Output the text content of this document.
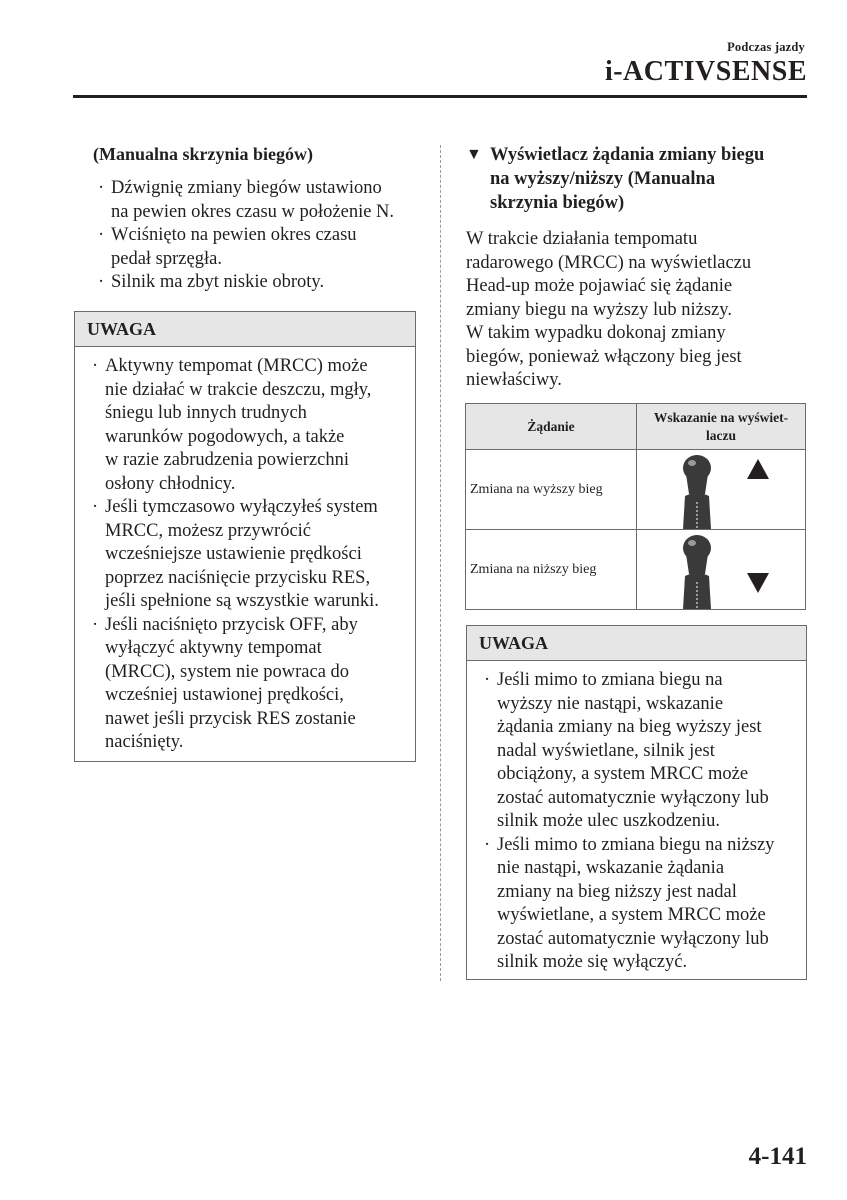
Podczas jazdy
i-ACTIVSENSE
(Manualna skrzynia biegów)
· Dźwignię zmiany biegów ustawiono
na pewien okres czasu w położenie N.
· Wciśnięto na pewien okres czasu
pedał sprzęgła.
· Silnik ma zbyt niskie obroty.
UWAGA
· Aktywny tempomat (MRCC) może
nie działać w trakcie deszczu, mgły,
śniegu lub innych trudnych
warunków pogodowych, a także
w razie zabrudzenia powierzchni
osłony chłodnicy.
· Jeśli tymczasowo wyłączyłeś system
MRCC, możesz przywrócić
wcześniejsze ustawienie prędkości
poprzez naciśnięcie przycisku RES,
jeśli spełnione są wszystkie warunki.
· Jeśli naciśnięto przycisk OFF, aby
wyłączyć aktywny tempomat
(MRCC), system nie powraca do
wcześniej ustawionej prędkości,
nawet jeśli przycisk RES zostanie
naciśnięty.
▼ Wyświetlacz żądania zmiany biegu
na wyższy/niższy (Manualna
skrzynia biegów)
W trakcie działania tempomatu
radarowego (MRCC) na wyświetlaczu
Head-up może pojawiać się żądanie
zmiany biegu na wyższy lub niższy.
W takim wypadku dokonaj zmiany
biegów, ponieważ włączony bieg jest
niewłaściwy.
Żądanie	Wskazanie na wyświet-
laczu

Zmiana na wyższy bieg	

Zmiana na niższy bieg	
UWAGA
· Jeśli mimo to zmiana biegu na
wyższy nie nastąpi, wskazanie
żądania zmiany na bieg wyższy jest
nadal wyświetlane, silnik jest
obciążony, a system MRCC może
zostać automatycznie wyłączony lub
silnik może ulec uszkodzeniu.
· Jeśli mimo to zmiana biegu na niższy
nie nastąpi, wskazanie żądania
zmiany na bieg niższy jest nadal
wyświetlane, a system MRCC może
zostać automatycznie wyłączony lub
silnik może się wyłączyć.
4-141
